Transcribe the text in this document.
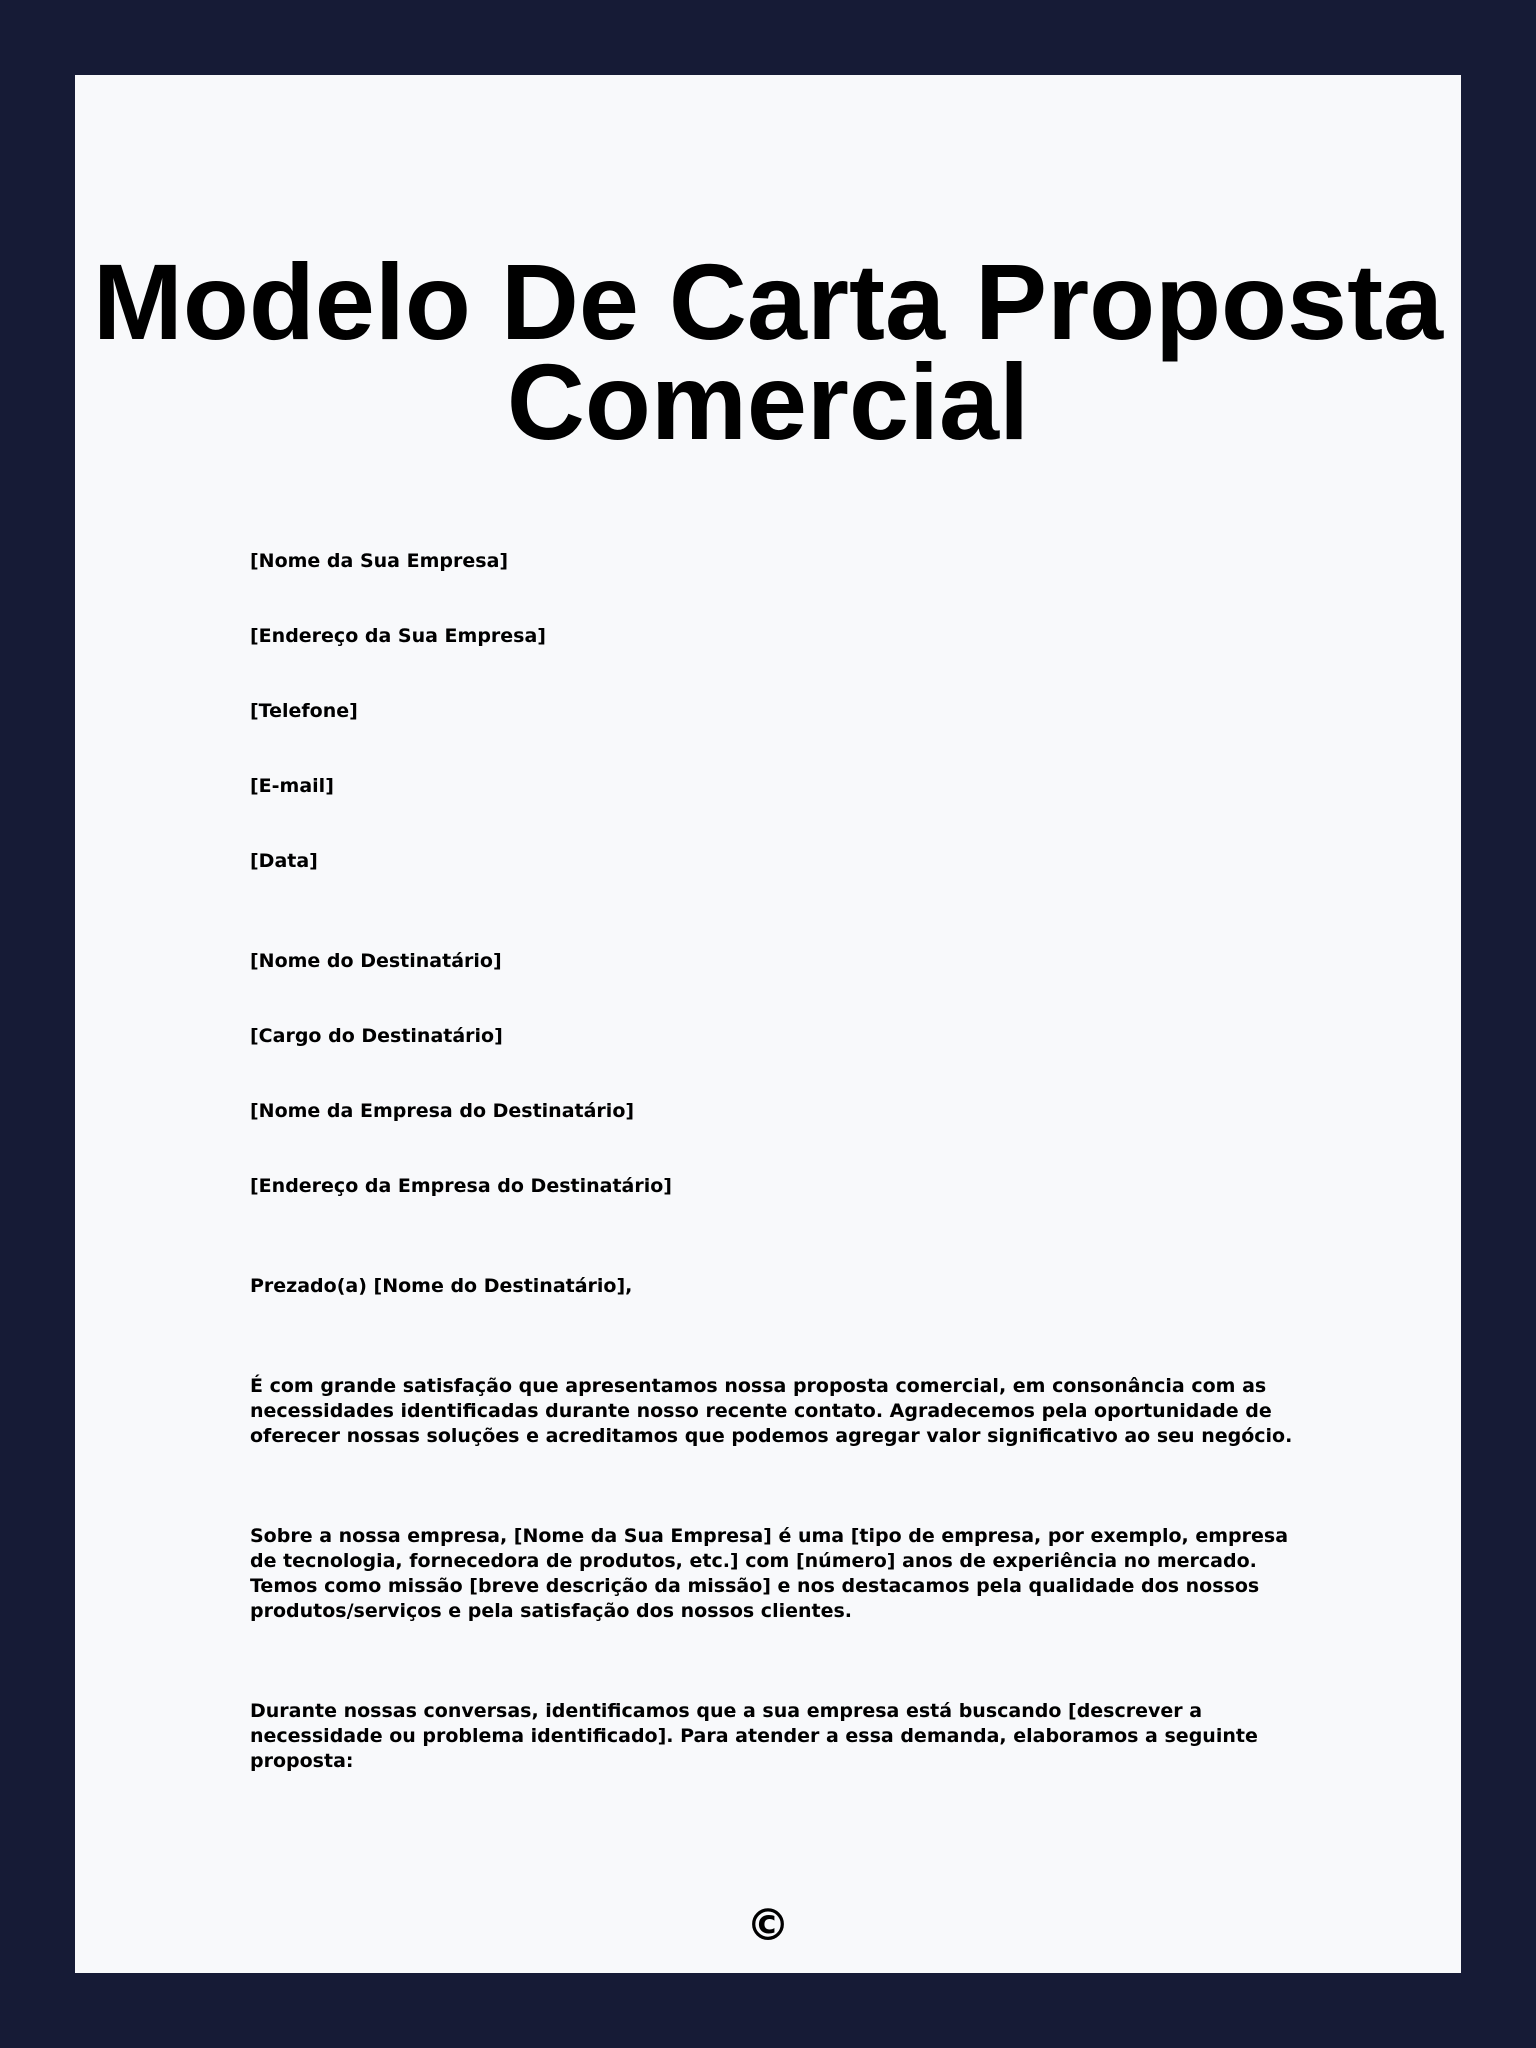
Modelo De Carta Proposta Comercial

[Nome da Sua Empresa]

[Endereço da Sua Empresa]

[Telefone]

[E-mail]

[Data]

[Nome do Destinatário]

[Cargo do Destinatário]

[Nome da Empresa do Destinatário]

[Endereço da Empresa do Destinatário]

Prezado(a) [Nome do Destinatário],

É com grande satisfação que apresentamos nossa proposta comercial, em consonância com as necessidades identificadas durante nosso recente contato. Agradecemos pela oportunidade de oferecer nossas soluções e acreditamos que podemos agregar valor significativo ao seu negócio.

Sobre a nossa empresa, [Nome da Sua Empresa] é uma [tipo de empresa, por exemplo, empresa de tecnologia, fornecedora de produtos, etc.] com [número] anos de experiência no mercado. Temos como missão [breve descrição da missão] e nos destacamos pela qualidade dos nossos produtos/serviços e pela satisfação dos nossos clientes.

Durante nossas conversas, identificamos que a sua empresa está buscando [descrever a necessidade ou problema identificado]. Para atender a essa demanda, elaboramos a seguinte proposta:

©
